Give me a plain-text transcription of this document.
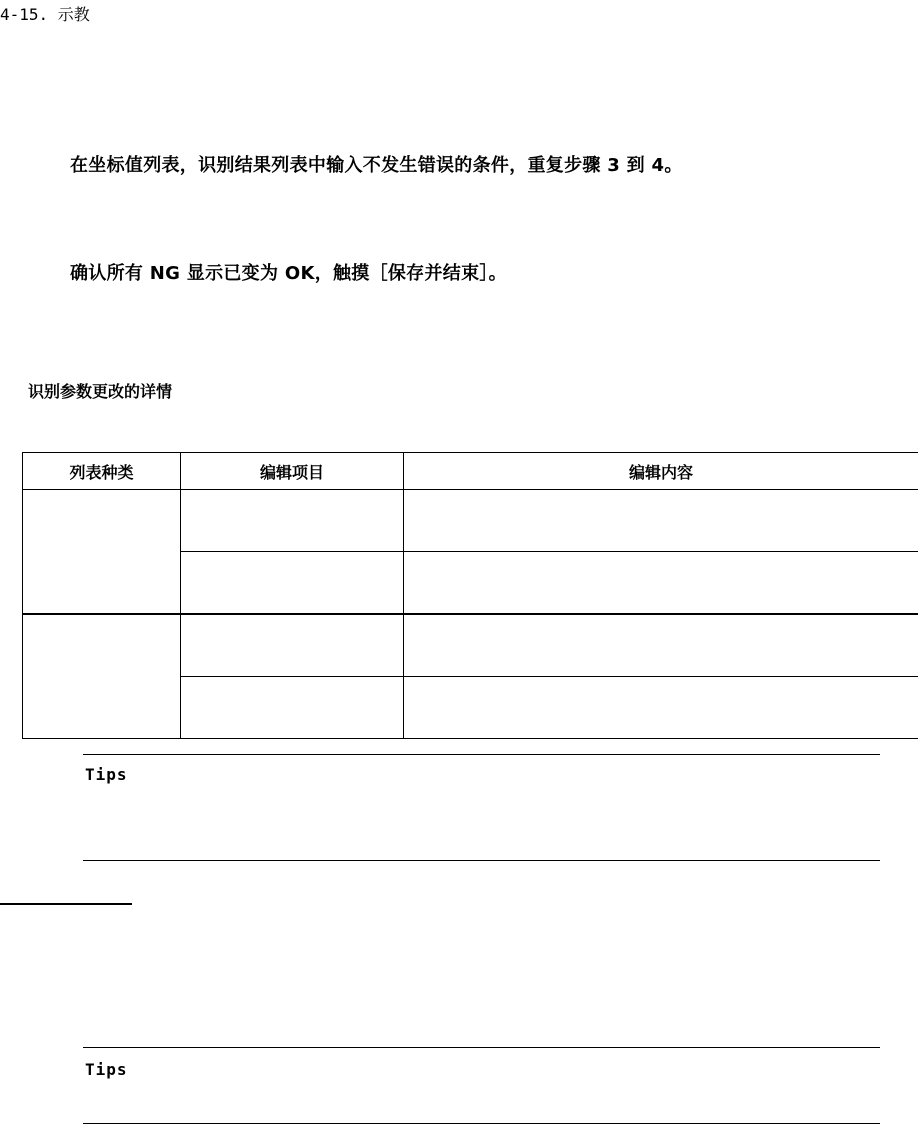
4-15. 示教
在坐标值列表，识别结果列表中输入不发生错误的条件，重复步骤 3 到 4。
确认所有 NG 显示已变为 OK，触摸［保存并结束］。
识别参数更改的详情
列表种类	编辑项目	编辑内容

Tips
Tips
